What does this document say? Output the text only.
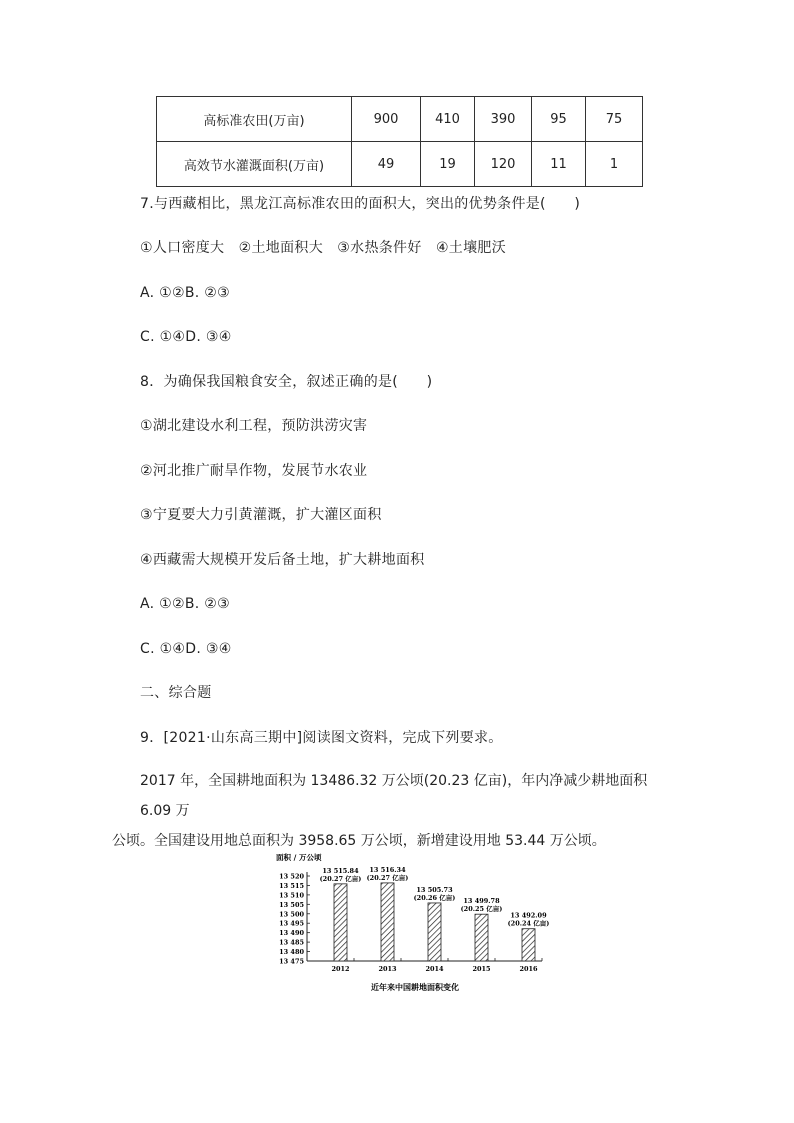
高标准农田(万亩)	900	410	390	95	75
高效节水灌溉面积(万亩)	49	19	120	11	1
7.与西藏相比，黑龙江高标准农田的面积大，突出的优势条件是(　　)
①人口密度大　②土地面积大　③水热条件好　④土壤肥沃
A. ①②B. ②③
C. ①④D. ③④
8．为确保我国粮食安全，叙述正确的是(　　)
①湖北建设水利工程，预防洪涝灾害
②河北推广耐旱作物，发展节水农业
③宁夏要大力引黄灌溉，扩大灌区面积
④西藏需大规模开发后备土地，扩大耕地面积
A. ①②B. ②③
C. ①④D. ③④
二、综合题
9．[2021·山东高三期中]阅读图文资料，完成下列要求。
2017 年，全国耕地面积为 13486.32 万公顷(20.23 亿亩)，年内净减少耕地面积 6.09 万
公顷。全国建设用地总面积为 3958.65 万公顷，新增建设用地 53.44 万公顷。
面积 / 万公顷
13 520
13 515
13 510
13 505
13 500
13 495
13 490
13 485
13 480
13 475
2012	2013	2014	2015	2016
13 515.84
(20.27 亿亩)
13 516.34
(20.27 亿亩)
13 505.73
(20.26 亿亩) 13 499.78
(20.25 亿亩)
13 492.09
(20.24 亿亩)
近年来中国耕地面积变化
